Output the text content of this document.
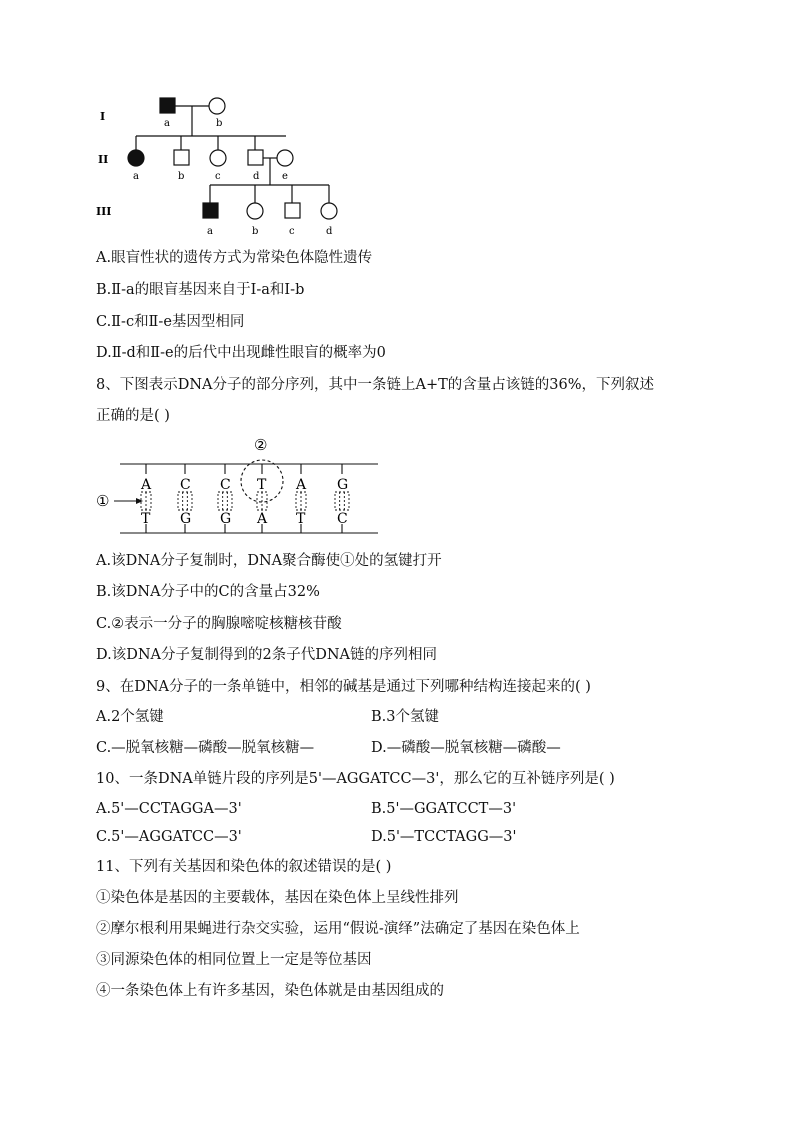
I
II
III
a	b
a	b	c	d e
a	b	c	d
A.眼盲性状的遗传方式为常染色体隐性遗传
B.Ⅱ-a的眼盲基因来自于Ⅰ-a和Ⅰ-b
C.Ⅱ-c和Ⅱ-e基因型相同
D.Ⅱ-d和Ⅱ-e的后代中出现雌性眼盲的概率为0
8、下图表示DNA分子的部分序列，其中一条链上A+T的含量占该链的36%，下列叙述
正确的是( )
A
T
C
G
C
G
T
A
A
T
G
C
②
①
A.该DNA分子复制时，DNA聚合酶使①处的氢键打开
B.该DNA分子中的C的含量占32%
C.②表示一分子的胸腺嘧啶核糖核苷酸
D.该DNA分子复制得到的2条子代DNA链的序列相同
9、在DNA分子的一条单链中，相邻的碱基是通过下列哪种结构连接起来的( )
A.2个氢键	B.3个氢键
C.—脱氧核糖—磷酸—脱氧核糖—	D.—磷酸—脱氧核糖—磷酸—
10、一条DNA单链片段的序列是5'—AGGATCC—3'，那么它的互补链序列是( )
A.5'—CCTAGGA—3'	B.5'—GGATCCT—3'
C.5'—AGGATCC—3'	D.5'—TCCTAGG—3'
11、下列有关基因和染色体的叙述错误的是( )
①染色体是基因的主要载体，基因在染色体上呈线性排列
②摩尔根利用果蝇进行杂交实验，运用“假说-演绎”法确定了基因在染色体上
③同源染色体的相同位置上一定是等位基因
④一条染色体上有许多基因，染色体就是由基因组成的
